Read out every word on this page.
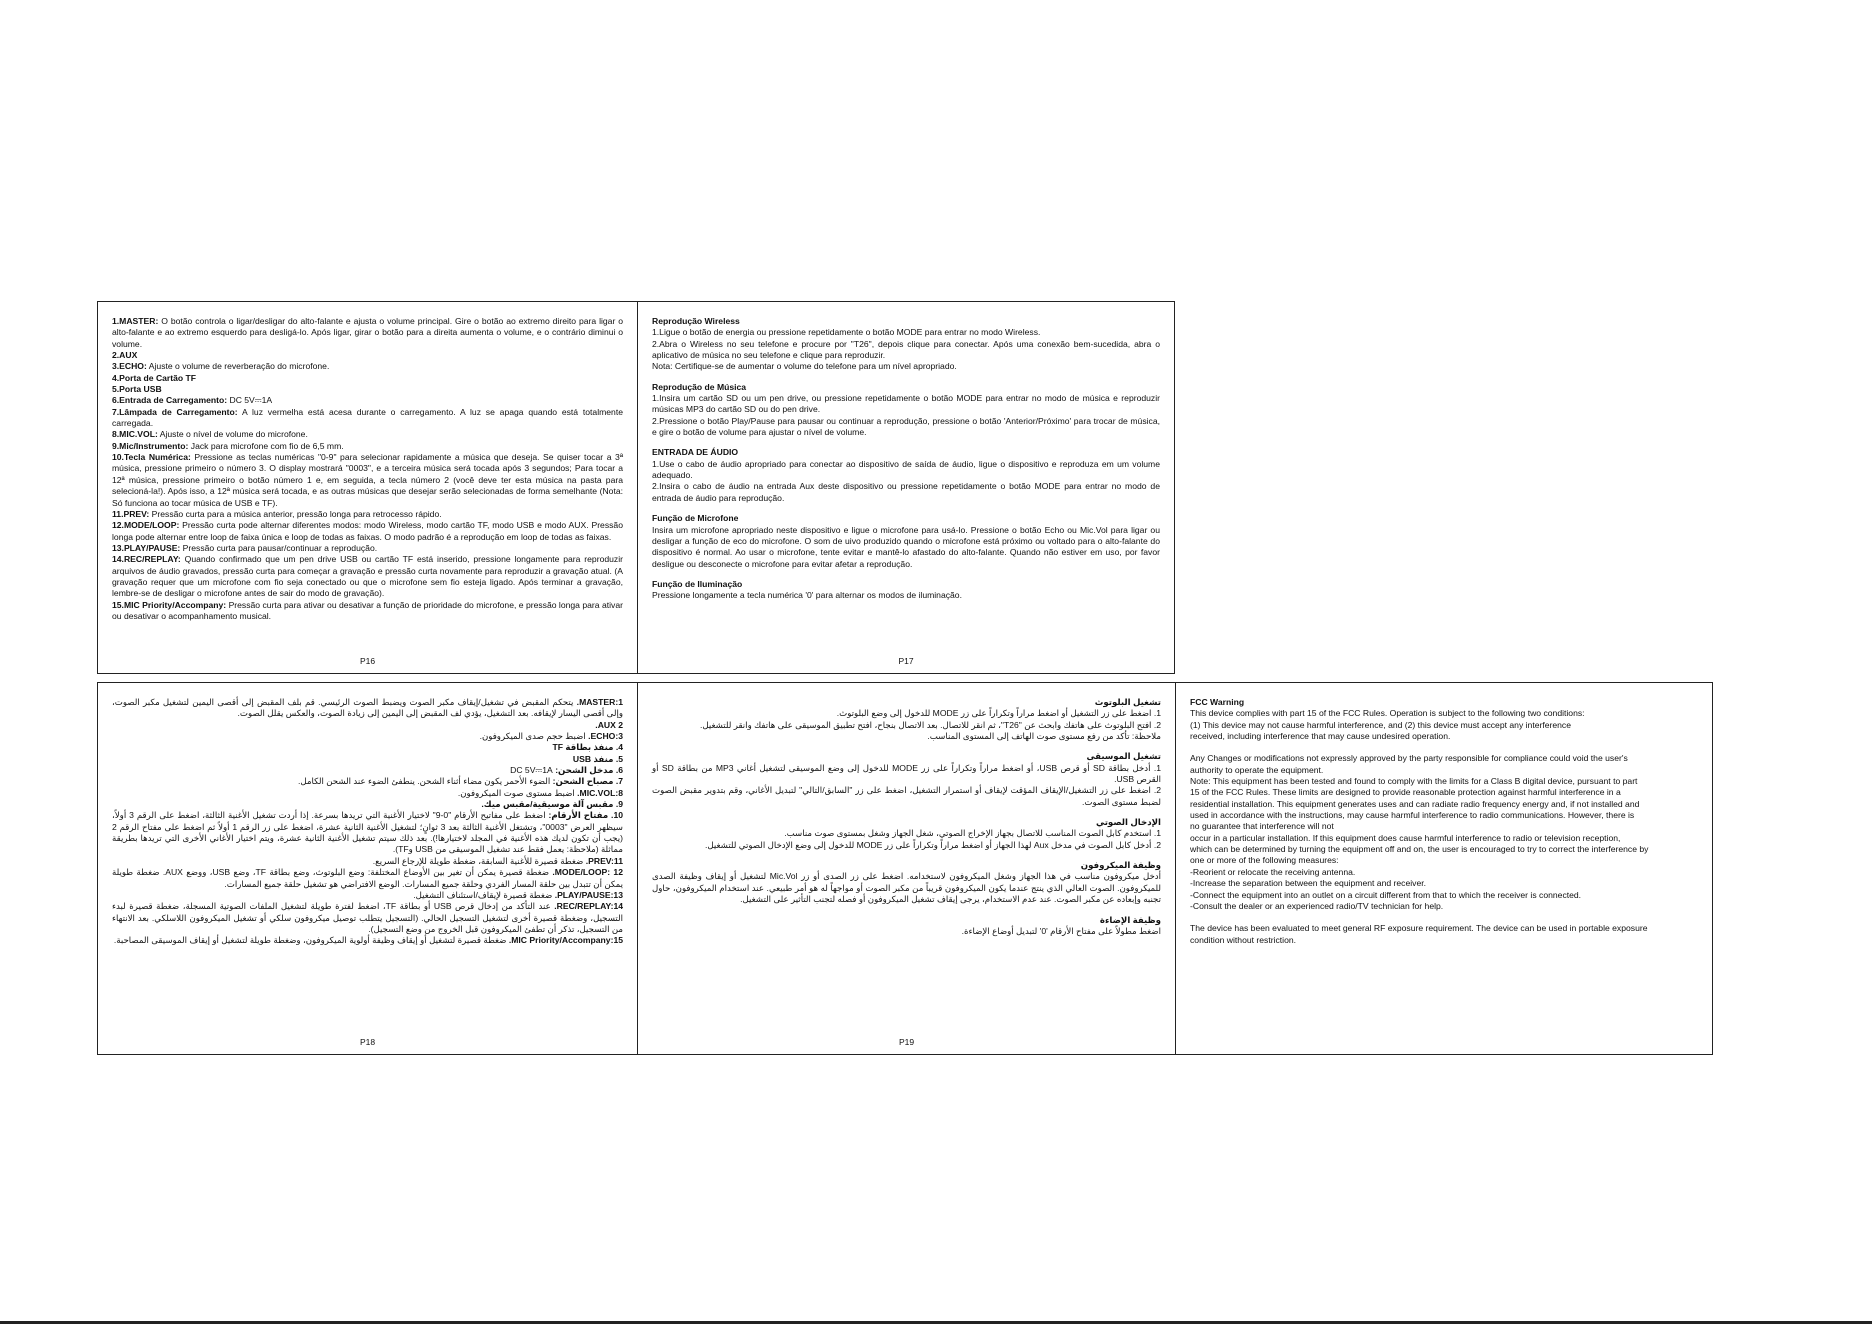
1.MASTER: O botão controla o ligar/desligar do alto-falante e ajusta o volume principal. Gire o botão ao extremo direito para ligar o alto-falante e ao extremo esquerdo para desligá-lo. Após ligar, girar o botão para a direita aumenta o volume, e o contrário diminui o volume.

2.AUX

3.ECHO: Ajuste o volume de reverberação do microfone.

4.Porta de Cartão TF

5.Porta USB

6.Entrada de Carregamento: DC 5V⎓1A

7.Lâmpada de Carregamento: A luz vermelha está acesa durante o carregamento. A luz se apaga quando está totalmente carregada.

8.MIC.VOL: Ajuste o nível de volume do microfone.

9.Mic/Instrumento: Jack para microfone com fio de 6,5 mm.

10.Tecla Numérica: Pressione as teclas numéricas "0-9" para selecionar rapidamente a música que deseja. Se quiser tocar a 3ª música, pressione primeiro o número 3. O display mostrará "0003", e a terceira música será tocada após 3 segundos; Para tocar a 12ª música, pressione primeiro o botão número 1 e, em seguida, a tecla número 2 (você deve ter esta música na pasta para selecioná-la!). Após isso, a 12ª música será tocada, e as outras músicas que desejar serão selecionadas de forma semelhante (Nota: Só funciona ao tocar música de USB e TF).

11.PREV: Pressão curta para a música anterior, pressão longa para retrocesso rápido.

12.MODE/LOOP: Pressão curta pode alternar diferentes modos: modo Wireless, modo cartão TF, modo USB e modo AUX. Pressão longa pode alternar entre loop de faixa única e loop de todas as faixas. O modo padrão é a reprodução em loop de todas as faixas.

13.PLAY/PAUSE: Pressão curta para pausar/continuar a reprodução.

14.REC/REPLAY: Quando confirmado que um pen drive USB ou cartão TF está inserido, pressione longamente para reproduzir arquivos de áudio gravados, pressão curta para começar a gravação e pressão curta novamente para reproduzir a gravação atual. (A gravação requer que um microfone com fio seja conectado ou que o microfone sem fio esteja ligado. Após terminar a gravação, lembre-se de desligar o microfone antes de sair do modo de gravação).

15.MIC Priority/Accompany: Pressão curta para ativar ou desativar a função de prioridade do microfone, e pressão longa para ativar ou desativar o acompanhamento musical.

P16

Reprodução Wireless

1.Ligue o botão de energia ou pressione repetidamente o botão MODE para entrar no modo Wireless.

2.Abra o Wireless no seu telefone e procure por "T26", depois clique para conectar. Após uma conexão bem-sucedida, abra o aplicativo de música no seu telefone e clique para reproduzir.

Nota: Certifique-se de aumentar o volume do telefone para um nível apropriado.

Reprodução de Música

1.Insira um cartão SD ou um pen drive, ou pressione repetidamente o botão MODE para entrar no modo de música e reproduzir músicas MP3 do cartão SD ou do pen drive.

2.Pressione o botão Play/Pause para pausar ou continuar a reprodução, pressione o botão 'Anterior/Próximo' para trocar de música, e gire o botão de volume para ajustar o nível de volume.

ENTRADA DE ÁUDIO

1.Use o cabo de áudio apropriado para conectar ao dispositivo de saída de áudio, ligue o dispositivo e reproduza em um volume adequado.

2.Insira o cabo de áudio na entrada Aux deste dispositivo ou pressione repetidamente o botão MODE para entrar no modo de entrada de áudio para reprodução.

Função de Microfone

Insira um microfone apropriado neste dispositivo e ligue o microfone para usá-lo. Pressione o botão Echo ou Mic.Vol para ligar ou desligar a função de eco do microfone. O som de uivo produzido quando o microfone está próximo ou voltado para o alto-falante do dispositivo é normal. Ao usar o microfone, tente evitar e mantê-lo afastado do alto-falante. Quando não estiver em uso, por favor desligue ou desconecte o microfone para evitar afetar a reprodução.

Função de Iluminação

Pressione longamente a tecla numérica '0' para alternar os modos de iluminação.

P17

MASTER:1. يتحكم المقبض في تشغيل/إيقاف مكبر الصوت ويضبط الصوت الرئيسي. قم بلف المقبض إلى أقصى اليمين لتشغيل مكبر الصوت، وإلى أقصى اليسار لإيقافه. بعد التشغيل، يؤدي لف المقبض إلى اليمين إلى زيادة الصوت، والعكس يقلل الصوت.

AUX 2.

ECHO:3. اضبط حجم صدى الميكروفون.

4. منفذ بطاقة TF

5. منفذ USB

6. مدخل الشحن: DC 5V⎓1A

7. مصباح الشحن: الضوء الأحمر يكون مضاء أثناء الشحن. ينطفئ الضوء عند الشحن الكامل.

MIC.VOL:8. اضبط مستوى صوت الميكروفون.

9. مقبس آلة موسيقية/مقبس ميك.

10. مفتاح الأرقام: اضغط على مفاتيح الأرقام "0-9" لاختيار الأغنية التي تريدها بسرعة. إذا أردت تشغيل الأغنية الثالثة، اضغط على الرقم 3 أولاً، سيظهر العرض "0003"، وتشتغل الأغنية الثالثة بعد 3 ثوانٍ؛ لتشغيل الأغنية الثانية عشرة، اضغط على زر الرقم 1 أولاً ثم اضغط على مفتاح الرقم 2 (يجب أن تكون لديك هذه الأغنية في المجلد لاختيارها!). بعد ذلك سيتم تشغيل الأغنية الثانية عشرة، ويتم اختيار الأغاني الأخرى التي تريدها بطريقة مماثلة (ملاحظة: يعمل فقط عند تشغيل الموسيقى من USB وTF).

PREV:11. ضغطة قصيرة للأغنية السابقة، ضغطة طويلة للإرجاع السريع.

MODE/LOOP: 12. ضغطة قصيرة يمكن أن تغير بين الأوضاع المختلفة: وضع البلوتوث، وضع بطاقة TF، وضع USB، ووضع AUX. ضغطة طويلة يمكن أن تتبدل بين حلقة المسار الفردي وحلقة جميع المسارات. الوضع الافتراضي هو تشغيل حلقة جميع المسارات.

PLAY/PAUSE:13. ضغطة قصيرة لإيقاف/استئناف التشغيل.

REC/REPLAY:14. عند التأكد من إدخال قرص USB أو بطاقة TF، اضغط لفترة طويلة لتشغيل الملفات الصوتية المسجلة، ضغطة قصيرة لبدء التسجيل، وضغطة قصيرة أخرى لتشغيل التسجيل الحالي. (التسجيل يتطلب توصيل ميكروفون سلكي أو تشغيل الميكروفون اللاسلكي. بعد الانتهاء من التسجيل، تذكر أن تطفئ الميكروفون قبل الخروج من وضع التسجيل).

MIC Priority/Accompany:15. ضغطة قصيرة لتشغيل أو إيقاف وظيفة أولوية الميكروفون، وضغطة طويلة لتشغيل أو إيقاف الموسيقى المصاحبة.

P18

تشغيل البلوتوث

1. اضغط على زر التشغيل أو اضغط مراراً وتكراراً على زر MODE للدخول إلى وضع البلوتوث.

2. افتح البلوتوث على هاتفك وابحث عن "T26"، ثم انقر للاتصال. بعد الاتصال بنجاح، افتح تطبيق الموسيقى على هاتفك وانقر للتشغيل.

ملاحظة: تأكد من رفع مستوى صوت الهاتف إلى المستوى المناسب.

تشغيل الموسيقى

1. أدخل بطاقة SD أو قرص USB، أو اضغط مراراً وتكراراً على زر MODE للدخول إلى وضع الموسيقى لتشغيل أغاني MP3 من بطاقة SD أو القرص USB.

2. اضغط على زر التشغيل/الإيقاف المؤقت لإيقاف أو استمرار التشغيل، اضغط على زر "السابق/التالي" لتبديل الأغاني، وقم بتدوير مقبض الصوت لضبط مستوى الصوت.

الإدخال الصوتي

1. استخدم كابل الصوت المناسب للاتصال بجهاز الإخراج الصوتي، شغل الجهاز وشغل بمستوى صوت مناسب.

2. أدخل كابل الصوت في مدخل Aux لهذا الجهاز أو اضغط مراراً وتكراراً على زر MODE للدخول إلى وضع الإدخال الصوتي للتشغيل.

وظيفة الميكروفون

أدخل ميكروفون مناسب في هذا الجهاز وشغل الميكروفون لاستخدامه. اضغط على زر الصدى أو زر Mic.Vol لتشغيل أو إيقاف وظيفة الصدى للميكروفون. الصوت العالي الذي ينتج عندما يكون الميكروفون قريباً من مكبر الصوت أو مواجهاً له هو أمر طبيعي. عند استخدام الميكروفون، حاول تجنبه وإبعاده عن مكبر الصوت. عند عدم الاستخدام، يرجى إيقاف تشغيل الميكروفون أو فصله لتجنب التأثير على التشغيل.

وظيفة الإضاءة

اضغط مطولاً على مفتاح الأرقام '0' لتبديل أوضاع الإضاءة.

P19

FCC Warning

This device complies with part 15 of the FCC Rules. Operation is subject to the following two conditions:

(1) This device may not cause harmful interference, and (2) this device must accept any interference

received, including interference that may cause undesired operation.

Any Changes or modifications not expressly approved by the party responsible for compliance could void the user's

authority to operate the equipment.

Note: This equipment has been tested and found to comply with the limits for a Class B digital device, pursuant to part

15 of the FCC Rules. These limits are designed to provide reasonable protection against harmful interference in a

residential installation. This equipment generates uses and can radiate radio frequency energy and, if not installed and

used in accordance with the instructions, may cause harmful interference to radio communications. However, there is

no guarantee that interference will not

occur in a particular installation. If this equipment does cause harmful interference to radio or television reception,

which can be determined by turning the equipment off and on, the user is encouraged to try to correct the interference by

one or more of the following measures:

-Reorient or relocate the receiving antenna.

-Increase the separation between the equipment and receiver.

-Connect the equipment into an outlet on a circuit different from that to which the receiver is connected.

-Consult the dealer or an experienced radio/TV technician for help.

The device has been evaluated to meet general RF exposure requirement. The device can be used in portable exposure

condition without restriction.
